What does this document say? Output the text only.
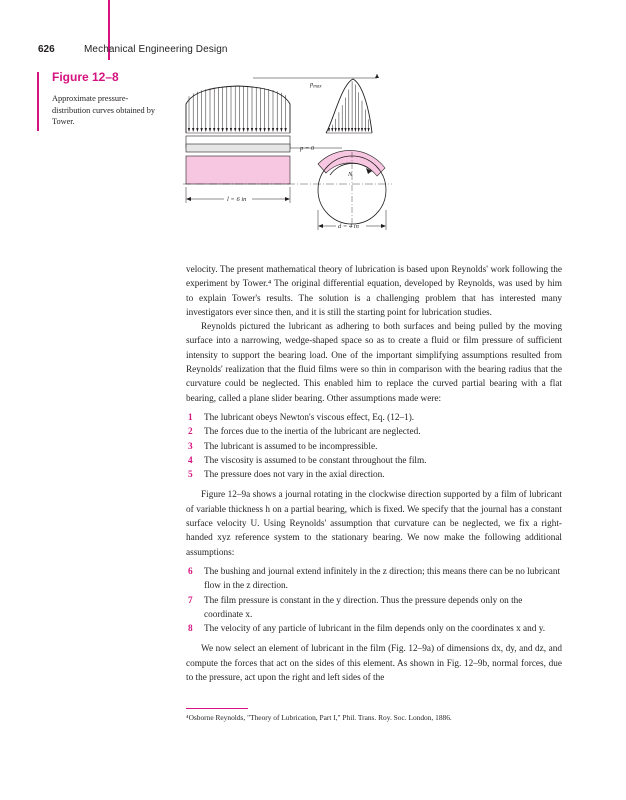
626	Mechanical Engineering Design
Figure 12–8
Approximate pressure-distribution curves obtained by Tower.
$p_{max}$
p = 0
N
l = 6 in
d = 4 in

velocity. The present mathematical theory of lubrication is based upon Reynolds' work following the experiment by Tower.⁴ The original differential equation, developed by Reynolds, was used by him to explain Tower's results. The solution is a challenging problem that has interested many investigators ever since then, and it is still the starting point for lubrication studies.

Reynolds pictured the lubricant as adhering to both surfaces and being pulled by the moving surface into a narrowing, wedge-shaped space so as to create a fluid or film pressure of sufficient intensity to support the bearing load. One of the important simplifying assumptions resulted from Reynolds' realization that the fluid films were so thin in comparison with the bearing radius that the curvature could be neglected. This enabled him to replace the curved partial bearing with a flat bearing, called a plane slider bearing. Other assumptions made were:

1 The lubricant obeys Newton's viscous effect, Eq. (12–1).
2 The forces due to the inertia of the lubricant are neglected.
3 The lubricant is assumed to be incompressible.
4 The viscosity is assumed to be constant throughout the film.
5 The pressure does not vary in the axial direction.

Figure 12–9a shows a journal rotating in the clockwise direction supported by a film of lubricant of variable thickness h on a partial bearing, which is fixed. We specify that the journal has a constant surface velocity U. Using Reynolds' assumption that curvature can be neglected, we fix a right-handed xyz reference system to the stationary bearing. We now make the following additional assumptions:

6 The bushing and journal extend infinitely in the z direction; this means there can be no lubricant flow in the z direction.
7 The film pressure is constant in the y direction. Thus the pressure depends only on the coordinate x.
8 The velocity of any particle of lubricant in the film depends only on the coordinates x and y.

We now select an element of lubricant in the film (Fig. 12–9a) of dimensions dx, dy, and dz, and compute the forces that act on the sides of this element. As shown in Fig. 12–9b, normal forces, due to the pressure, act upon the right and left sides of the

⁴Osborne Reynolds, "Theory of Lubrication, Part I," Phil. Trans. Roy. Soc. London, 1886.
